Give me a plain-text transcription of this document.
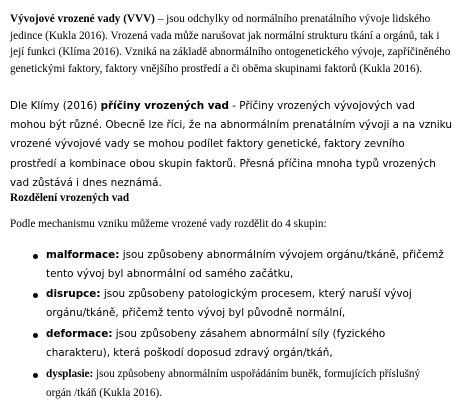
Vývojové vrozené vady (VVV) – jsou odchylky od normálního prenatálního vývoje lidského jedince (Kukla 2016). Vrozená vada může narušovat jak normální strukturu tkání a orgánů, tak i její funkci (Klíma 2016). Vzniká na základě abnormálního ontogenetického vývoje, zapříčiněného genetickými faktory, faktory vnějšího prostředí a či oběma skupinami faktorů (Kukla 2016).

Dle Klímy (2016) příčiny vrozených vad - Příčiny vrozených vývojových vad mohou být různé. Obecně lze říci, že na abnormálním prenatálním vývoji a na vzniku vrozené vývojové vady se mohou podílet faktory genetické, faktory zevního prostředí a kombinace obou skupin faktorů. Přesná příčina mnoha typů vrozených vad zůstává i dnes neznámá.

Rozdělení vrozených vad

Podle mechanismu vzniku můžeme vrozené vady rozdělit do 4 skupin:

malformace: jsou způsobeny abnormálním vývojem orgánu/tkáně, přičemž tento vývoj byl abnormální od samého začátku,
disrupce: jsou způsobeny patologickým procesem, který naruší vývoj orgánu/tkáně, přičemž tento vývoj byl původně normální,
deformace: jsou způsobeny zásahem abnormální síly (fyzického charakteru), která poškodí doposud zdravý orgán/tkáň,
dysplasie: jsou způsobeny abnormálním uspořádáním buněk, formujících příslušný orgán /tkáň (Kukla 2016).
